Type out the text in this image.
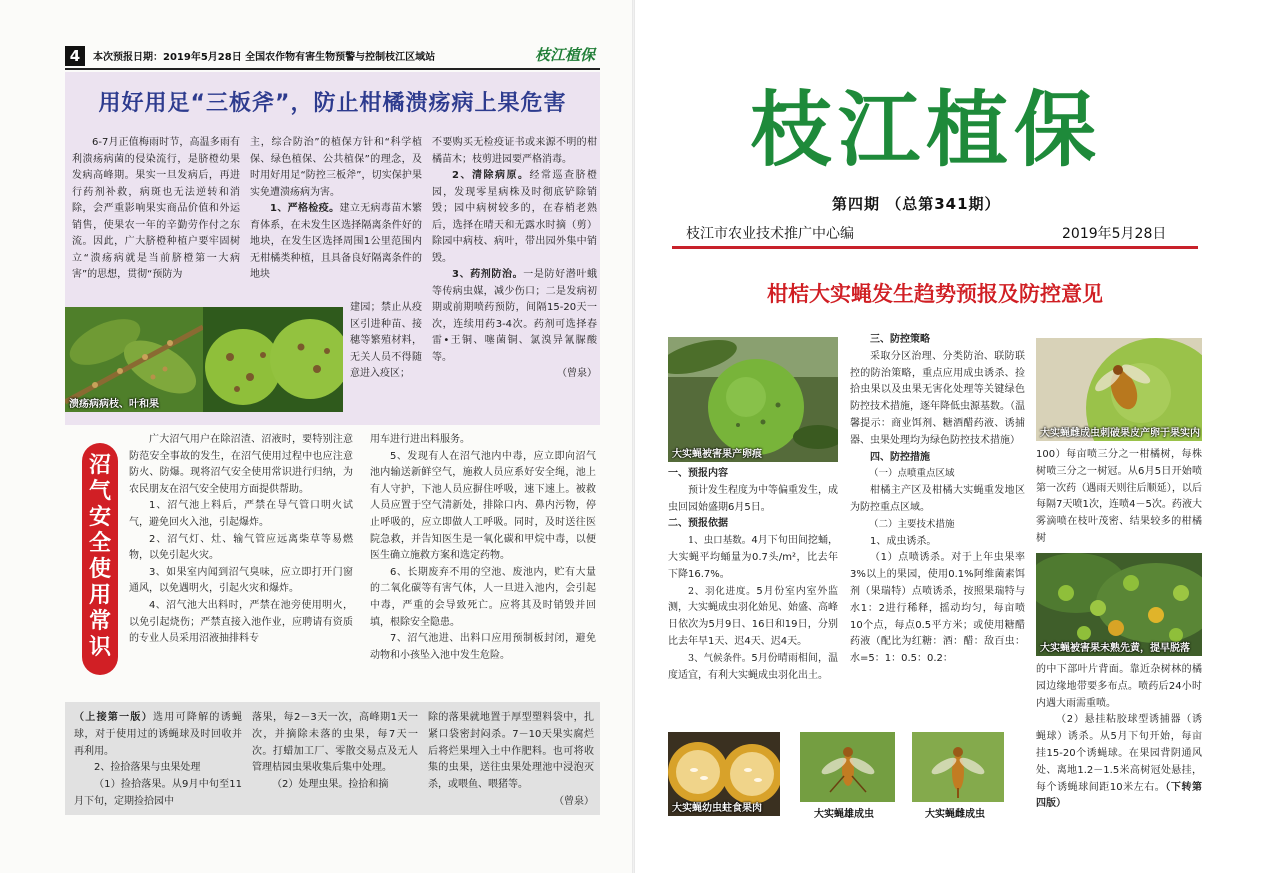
4	本次预报日期：2019年5月28日 全国农作物有害生物预警与控制枝江区域站	枝江植保
用好用足“三板斧”，防止柑橘溃疡病上果危害

6-7月正值梅雨时节，高温多雨有利溃疡病菌的侵染流行，是脐橙幼果发病高峰期。果实一旦发病后，再进行药剂补救，病斑也无法逆转和消除，会严重影响果实商品价值和外运销售，使果农一年的辛勤劳作付之东流。因此，广大脐橙种植户要牢固树立“溃疡病就是当前脐橙第一大病害”的思想，贯彻“预防为

主，综合防治”的植保方针和“科学植保、绿色植保、公共植保”的理念，及时用好用足“防控三板斧”，切实保护果实免遭溃疡病为害。

1、严格检疫。建立无病毒苗木繁育体系，在未发生区选择隔离条件好的地块，在发生区选择周围1公里范围内无柑橘类种植，且具备良好隔离条件的地块

建园；禁止从疫区引进种苗、接穗等繁殖材料，无关人员不得随意进入疫区；

不要购买无检疫证书或来源不明的柑橘苗木；枝剪进园要严格消毒。

2、清除病原。经常巡查脐橙园，发现零星病株及时彻底铲除销毁；园中病树较多的，在春梢老熟后，选择在晴天和无露水时摘（剪）除园中病枝、病叶，带出园外集中销毁。

3、药剂防治。一是防好潜叶蛾等传病虫媒，减少伤口；二是发病初期或前期喷药预防，间隔15-20天一次，连续用药3-4次。药剂可选择春雷•王铜、噻菌铜、氯溴异氰脲酸等。

（曾泉）

溃疡病病枝、叶和果
沼
气
安
全
使
用
常
识

广大沼气用户在除沼渣、沼液时，要特别注意防范安全事故的发生，在沼气使用过程中也应注意防火、防爆。现将沼气安全使用常识进行归纳，为农民朋友在沼气安全使用方面提供帮助。

1、沼气池上料后，严禁在导气管口明火试气，避免回火入池，引起爆炸。

2、沼气灯、灶、输气管应远离柴草等易燃物，以免引起火灾。

3、如果室内闻到沼气臭味，应立即打开门窗通风，以免遇明火，引起火灾和爆炸。

4、沼气池大出料时，严禁在池旁使用明火，以免引起烧伤；严禁直接入池作业，应聘请有资质的专业人员采用沼液抽排料专

用车进行进出料服务。

5、发现有人在沼气池内中毒，应立即向沼气池内输送新鲜空气，施救人员应系好安全绳，池上有人守护，下池人员应摒住呼吸，速下速上。被救人员应置于空气清新处，排除口内、鼻内污物，停止呼吸的，应立即做人工呼吸。同时，及时送往医院急救，并告知医生是一氧化碳和甲烷中毒，以便医生确立施救方案和选定药物。

6、长期废弃不用的空池、废池内，贮有大量的二氧化碳等有害气体，人一旦进入池内，会引起中毒，严重的会导致死亡。应将其及时销毁并回填，根除安全隐患。

7、沼气池进、出料口应用预制板封闭，避免动物和小孩坠入池中发生危险。

（上接第一版）选用可降解的诱蝇球，对于使用过的诱蝇球及时回收并再利用。

2、捡拾落果与虫果处理

（1）捡拾落果。从9月中旬至11月下旬，定期捡拾园中

落果，每2－3天一次，高峰期1天一次，并摘除未落的虫果，每7天一次。打蜡加工厂、零散交易点及无人管理桔园虫果收集后集中处理。

（2）处理虫果。捡拾和摘

除的落果就地置于厚型塑料袋中，扎紧口袋密封闷杀。7－10天果实腐烂后将烂果埋入土中作肥料。也可将收集的虫果，送往虫果处理池中浸泡灭杀，或喂鱼、喂猪等。

（曾泉）

枝江植保
第四期 （总第341期）
枝江市农业技术推广中心编	2019年5月28日
柑桔大实蝇发生趋势预报及防控意见
大实蝇被害果产卵痕
大实蝇雌成虫刺破果皮产卵于果实内
大实蝇被害果未熟先黄，提早脱落
大实蝇幼虫蛀食果肉
大实蝇雄成虫	大实蝇雌成虫

一、预报内容

预计发生程度为中等偏重发生，成虫回园始盛期6月5日。

二、预报依据

1、虫口基数。4月下旬田间挖蛹，大实蝇平均蛹量为0.7头/m²，比去年下降16.7%。

2、羽化进度。5月份室内室外监测，大实蝇成虫羽化始见、始盛、高峰日依次为5月9日、16日和19日，分别比去年早1天、迟4天、迟4天。

3、气候条件。5月份晴雨相间，温度适宜，有利大实蝇成虫羽化出土。

三、防控策略

采取分区治理、分类防治、联防联控的防治策略，重点应用成虫诱杀、捡拾虫果以及虫果无害化处理等关键绿色防控技术措施，逐年降低虫源基数。（温馨提示：商业饵剂、糖酒醋药液、诱捕器、虫果处理均为绿色防控技术措施）

四、防控措施

（一）点喷重点区域

柑橘主产区及柑橘大实蝇重发地区为防控重点区域。

（二）主要技术措施

1、成虫诱杀。

（1）点喷诱杀。对于上年虫果率3%以上的果园，使用0.1%阿维菌素饵剂（果瑞特）点喷诱杀，按照果瑞特与水1：2进行稀释，摇动均匀，每亩喷10个点，每点0.5平方米；或使用糖醋药液（配比为红糖：酒：醋：敌百虫：水=5：1：0.5：0.2：

100）每亩喷三分之一柑橘树，每株树喷三分之一树冠。从6月5日开始喷第一次药（遇雨天则往后顺延），以后每隔7天喷1次，连喷4－5次。药液大雾滴喷在枝叶茂密、结果较多的柑橘树

的中下部叶片背面。靠近杂树林的橘园边缘地带要多布点。喷药后24小时内遇大雨需重喷。

（2）悬挂粘胶球型诱捕器（诱蝇球）诱杀。从5月下旬开始，每亩挂15-20个诱蝇球。在果园背阴通风处、离地1.2－1.5米高树冠处悬挂，每个诱蝇球间距10米左右。（下转第四版）
